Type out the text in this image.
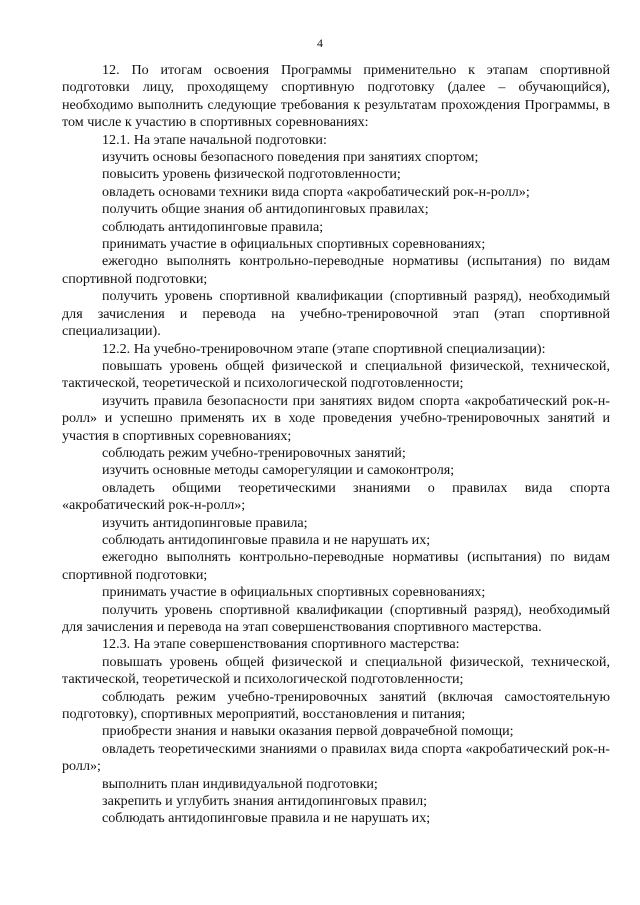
4

12. По итогам освоения Программы применительно к этапам спортивной подготовки лицу, проходящему спортивную подготовку (далее – обучающийся), необходимо выполнить следующие требования к результатам прохождения Программы, в том числе к участию в спортивных соревнованиях:

12.1. На этапе начальной подготовки:

изучить основы безопасного поведения при занятиях спортом;

повысить уровень физической подготовленности;

овладеть основами техники вида спорта «акробатический рок-н-ролл»;

получить общие знания об антидопинговых правилах;

соблюдать антидопинговые правила;

принимать участие в официальных спортивных соревнованиях;

ежегодно выполнять контрольно-переводные нормативы (испытания) по видам спортивной подготовки;

получить уровень спортивной квалификации (спортивный разряд), необходимый для зачисления и перевода на учебно-тренировочной этап (этап спортивной специализации).

12.2. На учебно-тренировочном этапе (этапе спортивной специализации):

повышать уровень общей физической и специальной физической, технической, тактической, теоретической и психологической подготовленности;

изучить правила безопасности при занятиях видом спорта «акробатический рок-н-ролл» и успешно применять их в ходе проведения учебно-тренировочных занятий и участия в спортивных соревнованиях;

соблюдать режим учебно-тренировочных занятий;

изучить основные методы саморегуляции и самоконтроля;

овладеть общими теоретическими знаниями о правилах вида спорта «акробатический рок-н-ролл»;

изучить антидопинговые правила;

соблюдать антидопинговые правила и не нарушать их;

ежегодно выполнять контрольно-переводные нормативы (испытания) по видам спортивной подготовки;

принимать участие в официальных спортивных соревнованиях;

получить уровень спортивной квалификации (спортивный разряд), необходимый для зачисления и перевода на этап совершенствования спортивного мастерства.

12.3. На этапе совершенствования спортивного мастерства:

повышать уровень общей физической и специальной физической, технической, тактической, теоретической и психологической подготовленности;

соблюдать режим учебно-тренировочных занятий (включая самостоятельную подготовку), спортивных мероприятий, восстановления и питания;

приобрести знания и навыки оказания первой доврачебной помощи;

овладеть теоретическими знаниями о правилах вида спорта «акробатический рок-н-ролл»;

выполнить план индивидуальной подготовки;

закрепить и углубить знания антидопинговых правил;

соблюдать антидопинговые правила и не нарушать их;
